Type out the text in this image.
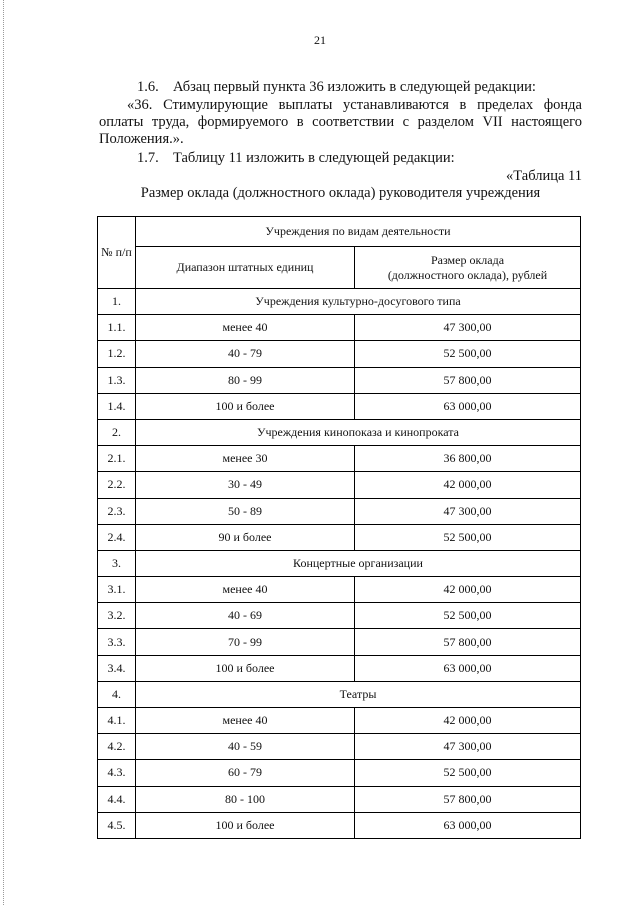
21
1.6. Абзац первый пункта 36 изложить в следующей редакции:
«36. Стимулирующие выплаты устанавливаются в пределах фонда
оплаты труда, формируемого в соответствии с разделом VII настоящего
Положения.».
1.7. Таблицу 11 изложить в следующей редакции:
«Таблица 11
Размер оклада (должностного оклада) руководителя учреждения
№ п/п	Учреждения по видам деятельности	
	Диапазон штатных единиц	Размер оклада
(должностного оклада), рублей

1.	Учреждения культурно-досугового типа	
1.1.	менее 40	47 300,00
1.2.	40 - 79	52 500,00
1.3.	80 - 99	57 800,00
1.4.	100 и более	63 000,00
2.	Учреждения кинопоказа и кинопроката	
2.1.	менее 30	36 800,00
2.2.	30 - 49	42 000,00
2.3.	50 - 89	47 300,00
2.4.	90 и более	52 500,00
3.	Концертные организации	
3.1.	менее 40	42 000,00
3.2.	40 - 69	52 500,00
3.3.	70 - 99	57 800,00
3.4.	100 и более	63 000,00
4.	Театры	
4.1.	менее 40	42 000,00
4.2.	40 - 59	47 300,00
4.3.	60 - 79	52 500,00
4.4.	80 - 100	57 800,00
4.5.	100 и более	63 000,00
